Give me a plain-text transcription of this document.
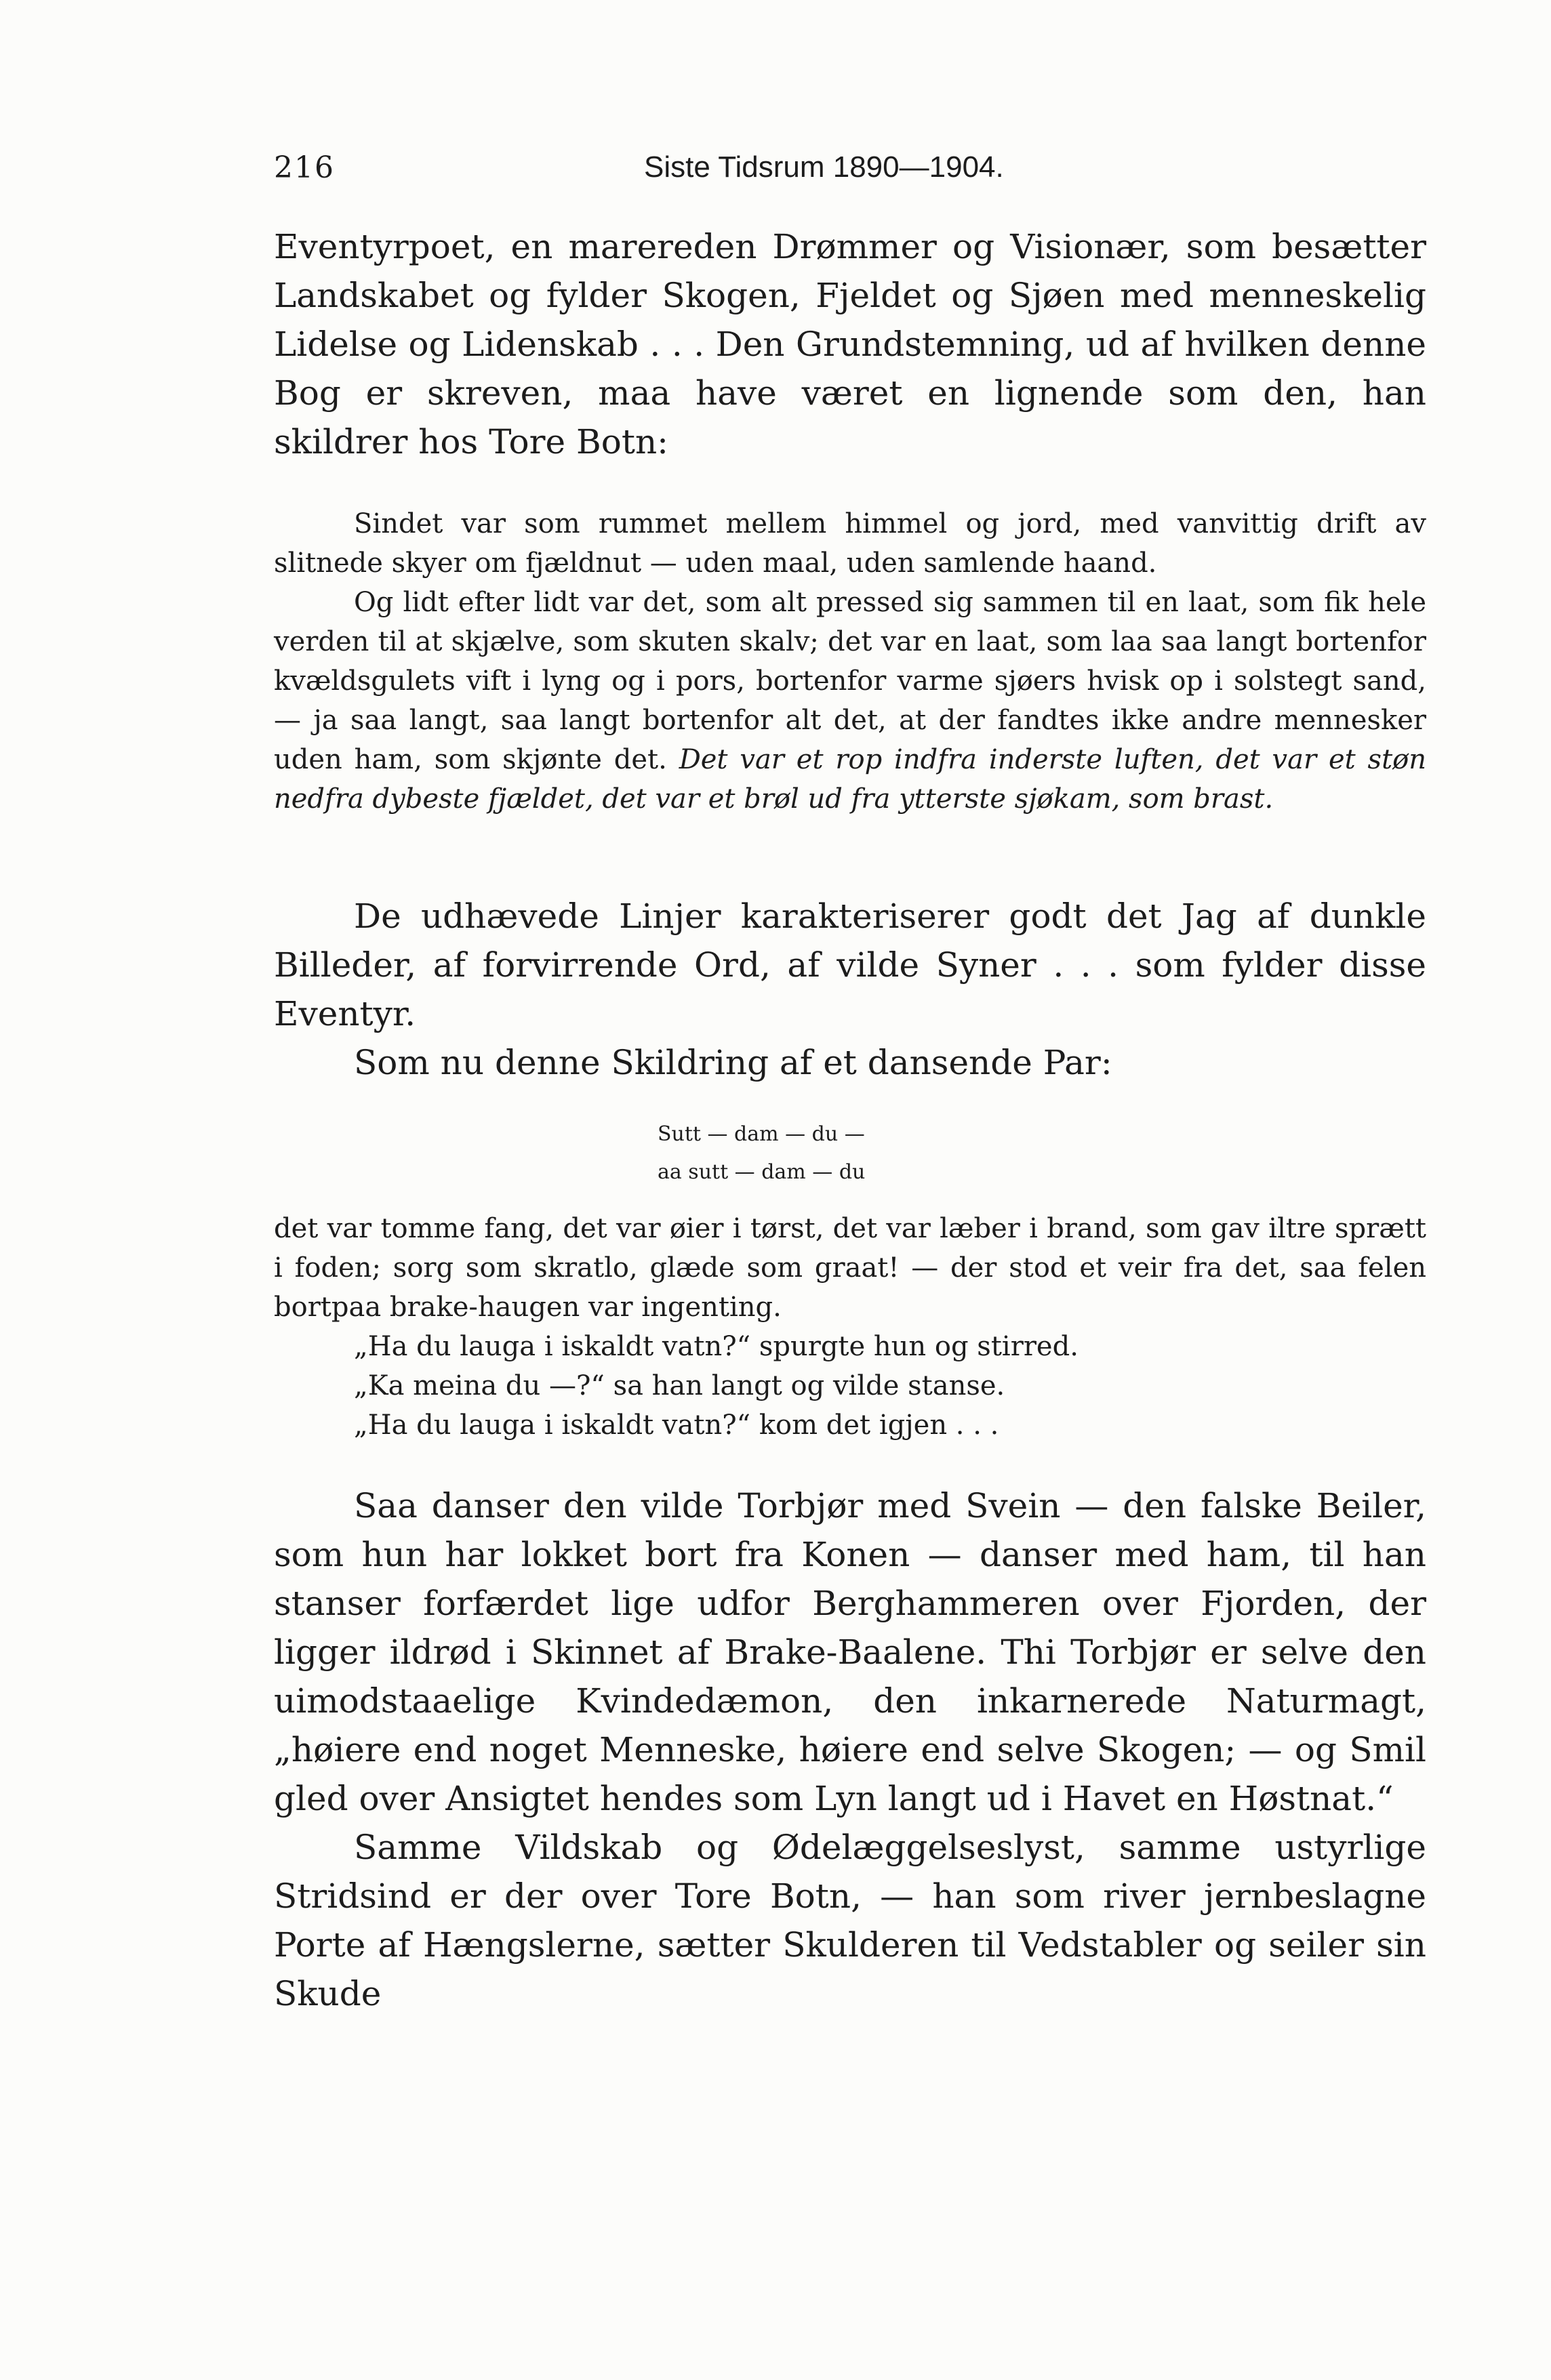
216	Siste Tidsrum 1890—1904.

Eventyrpoet, en marereden Drømmer og Visionær, som besætter Landskabet og fylder Skogen, Fjeldet og Sjøen med menneskelig Lidelse og Lidenskab . . . Den Grundstemning, ud af hvilken denne Bog er skreven, maa have været en lignende som den, han skildrer hos Tore Botn:

Sindet var som rummet mellem himmel og jord, med vanvittig drift av slitnede skyer om fjældnut — uden maal, uden samlende haand.

Og lidt efter lidt var det, som alt pressed sig sammen til en laat, som fik hele verden til at skjælve, som skuten skalv; det var en laat, som laa saa langt bortenfor kvældsgulets vift i lyng og i pors, bortenfor varme sjøers hvisk op i solstegt sand, — ja saa langt, saa langt bortenfor alt det, at der fandtes ikke andre mennesker uden ham, som skjønte det. Det var et rop indfra inderste luften, det var et støn nedfra dybeste fjældet, det var et brøl ud fra ytterste sjøkam, som brast.

De udhævede Linjer karakteriserer godt det Jag af dunkle Billeder, af forvirrende Ord, af vilde Syner . . . som fylder disse Eventyr.

Som nu denne Skildring af et dansende Par:

Sutt — dam — du —
aa sutt — dam — du

det var tomme fang, det var øier i tørst, det var læber i brand, som gav iltre sprætt i foden; sorg som skratlo, glæde som graat! — der stod et veir fra det, saa felen bortpaa brake-haugen var ingenting.

„Ha du lauga i iskaldt vatn?“ spurgte hun og stirred.

„Ka meina du —?“ sa han langt og vilde stanse.

„Ha du lauga i iskaldt vatn?“ kom det igjen . . .

Saa danser den vilde Torbjør med Svein — den falske Beiler, som hun har lokket bort fra Konen — danser med ham, til han stanser forfærdet lige udfor Berghammeren over Fjorden, der ligger ildrød i Skinnet af Brake-Baalene. Thi Torbjør er selve den uimodstaaelige Kvindedæmon, den inkarnerede Naturmagt, „høiere end noget Menneske, høiere end selve Skogen; — og Smil gled over Ansigtet hendes som Lyn langt ud i Havet en Høstnat.“

Samme Vildskab og Ødelæggelseslyst, samme ustyrlige Stridsind er der over Tore Botn, — han som river jernbeslagne Porte af Hængslerne, sætter Skulderen til Vedstabler og seiler sin Skude
